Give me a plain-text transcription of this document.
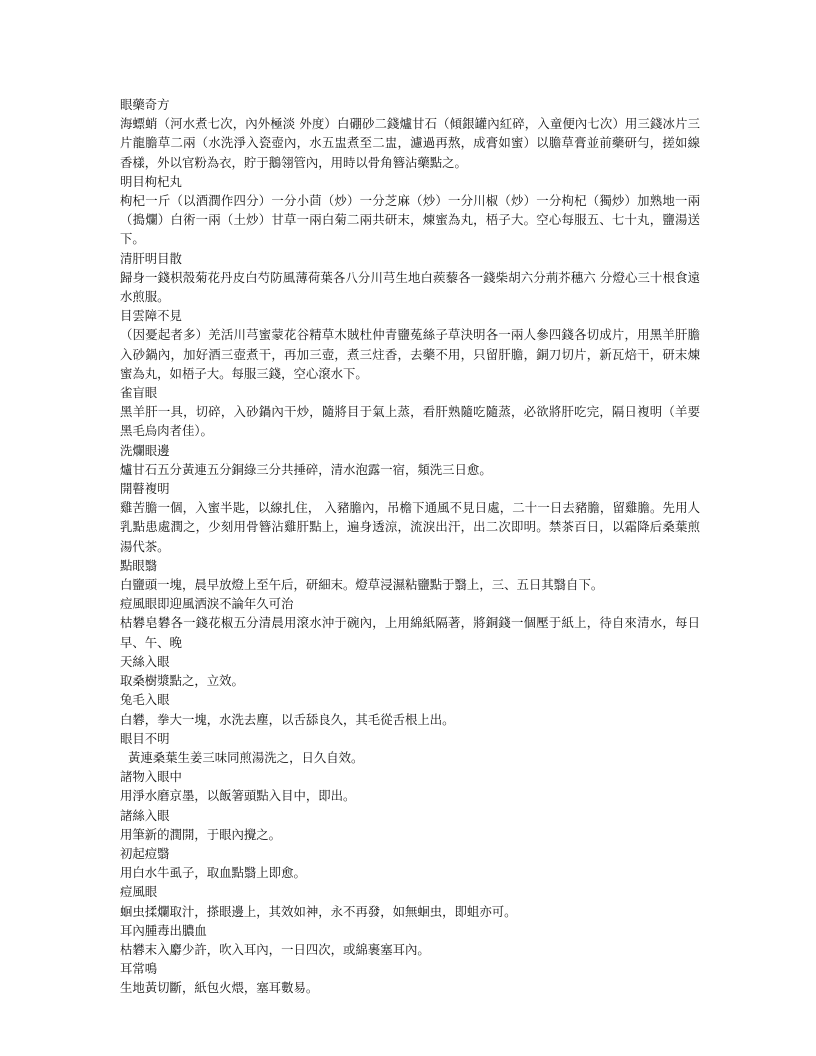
眼藥奇方
海螵蛸（河水煮七次，內外極淡 外度）白硼砂二錢爐甘石（傾銀罐內紅碎，入童便內七次）用三錢冰片三片龍膽草二兩（水洗淨入瓷壺內，水五盅煮至二盅，濾過再熬，成膏如蜜）以膽草膏並前藥研勻，搓如線香樣，外以官粉為衣，貯于鵝翎管內，用時以骨角簪沾藥點之。
明目枸杞丸
枸杞一斤（以酒潤作四分）一分小茴（炒）一分芝麻（炒）一分川椒（炒）一分枸杞（獨炒）加熟地一兩（搗爛）白術一兩（土炒）甘草一兩白菊二兩共研末，煉蜜為丸，梧子大。空心每服五、七十丸，鹽湯送下。
清肝明目散
歸身一錢枳殼菊花丹皮白芍防風薄荷葉各八分川芎生地白蒺藜各一錢柴胡六分荊芥穗六 分燈心三十根食遠水煎服。
目雲障不見
（因憂起者多）羌活川芎蜜蒙花谷精草木賊杜仲青鹽菟絲子草決明各一兩人參四錢各切成片，用黑羊肝膽入砂鍋內，加好酒三壺煮干，再加三壺，煮三炷香，去藥不用，只留肝膽，銅刀切片，新瓦焙干，研末煉蜜為丸，如梧子大。每服三錢，空心滾水下。
雀盲眼
黑羊肝一具，切碎，入砂鍋內干炒，隨將目于氣上蒸，看肝熟隨吃隨蒸，必欲將肝吃完，隔日複明（羊要黑毛烏肉者佳）。
洗爛眼邊
爐甘石五分黃連五分銅綠三分共捶碎，清水泡露一宿，頻洗三日愈。
開瞽複明
雞苦膽一個，入蜜半匙，以線扎住， 入豬膽內，吊檐下通風不見日處，二十一日去豬膽，留雞膽。先用人乳點患處潤之，少刻用骨簪沾雞肝點上，遍身透涼，流淚出汗，出二次即明。禁茶百日，以霜降后桑葉煎湯代茶。
點眼翳
白鹽頭一塊，晨早放燈上至午后，研細末。燈草浸濕粘鹽點于翳上，三、五日其翳自下。
痘風眼即迎風洒淚不論年久可治
枯礬皂礬各一錢花椒五分清晨用滾水沖于碗內，上用綿紙隔著，將銅錢一個壓于紙上，待自來清水，每日早、午、晚
天絲入眼
取桑樹漿點之，立效。
兔毛入眼
白礬，拳大一塊，水洗去塵，以舌舔良久，其毛從舌根上出。
眼目不明
黃連桑葉生姜三味同煎湯洗之，日久自效。
諸物入眼中
用淨水磨京墨，以飯箸頭點入目中，即出。
諸絲入眼
用筆新的潤開，于眼內攪之。
初起痘翳
用白水牛虱子，取血點翳上即愈。
痘風眼
蛔虫揉爛取汁，搽眼邊上，其效如神，永不再發，如無蛔虫，即蛆亦可。
耳內腫毒出膿血
枯礬末入麝少許，吹入耳內，一日四次，或綿裹塞耳內。
耳常鳴
生地黃切斷，紙包火煨，塞耳數易。
